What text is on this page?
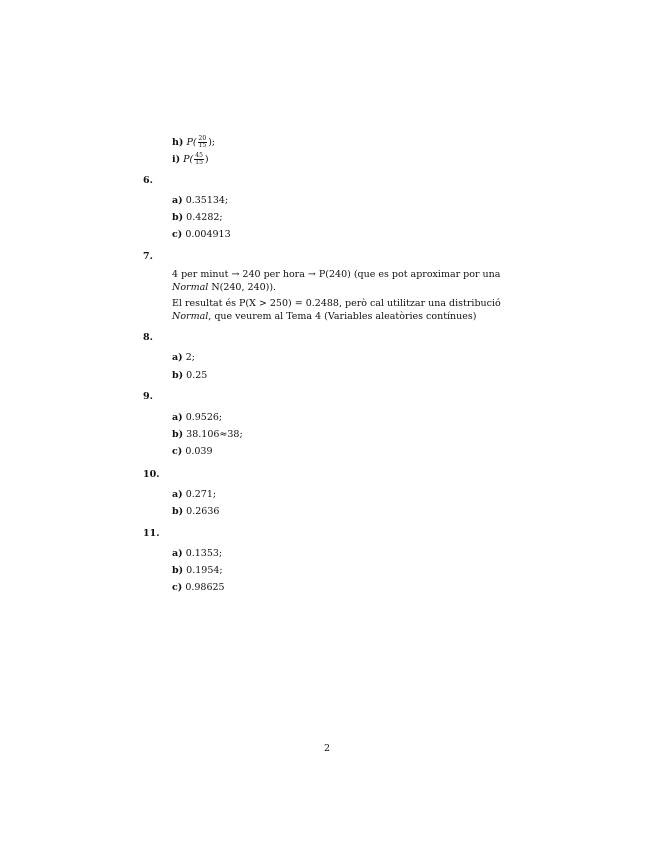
h) $P( \frac{20}{15}$ );
i) $P( \frac{45}{15}$ )
6.
a) 0.35134;
b) 0.4282;
c) 0.004913
7.
4 per minut → 240 per hora → P(240) (que es pot aproximar por una
Normal N(240, 240)).
El resultat és P(X > 250) = 0.2488, però cal utilitzar una distribució
Normal, que veurem al Tema 4 (Variables aleatòries contínues)
8.
a) 2;
b) 0.25
9.
a) 0.9526;
b) 38.106≈38;
c) 0.039
10.
a) 0.271;
b) 0.2636
11.
a) 0.1353;
b) 0.1954;
c) 0.98625
2
